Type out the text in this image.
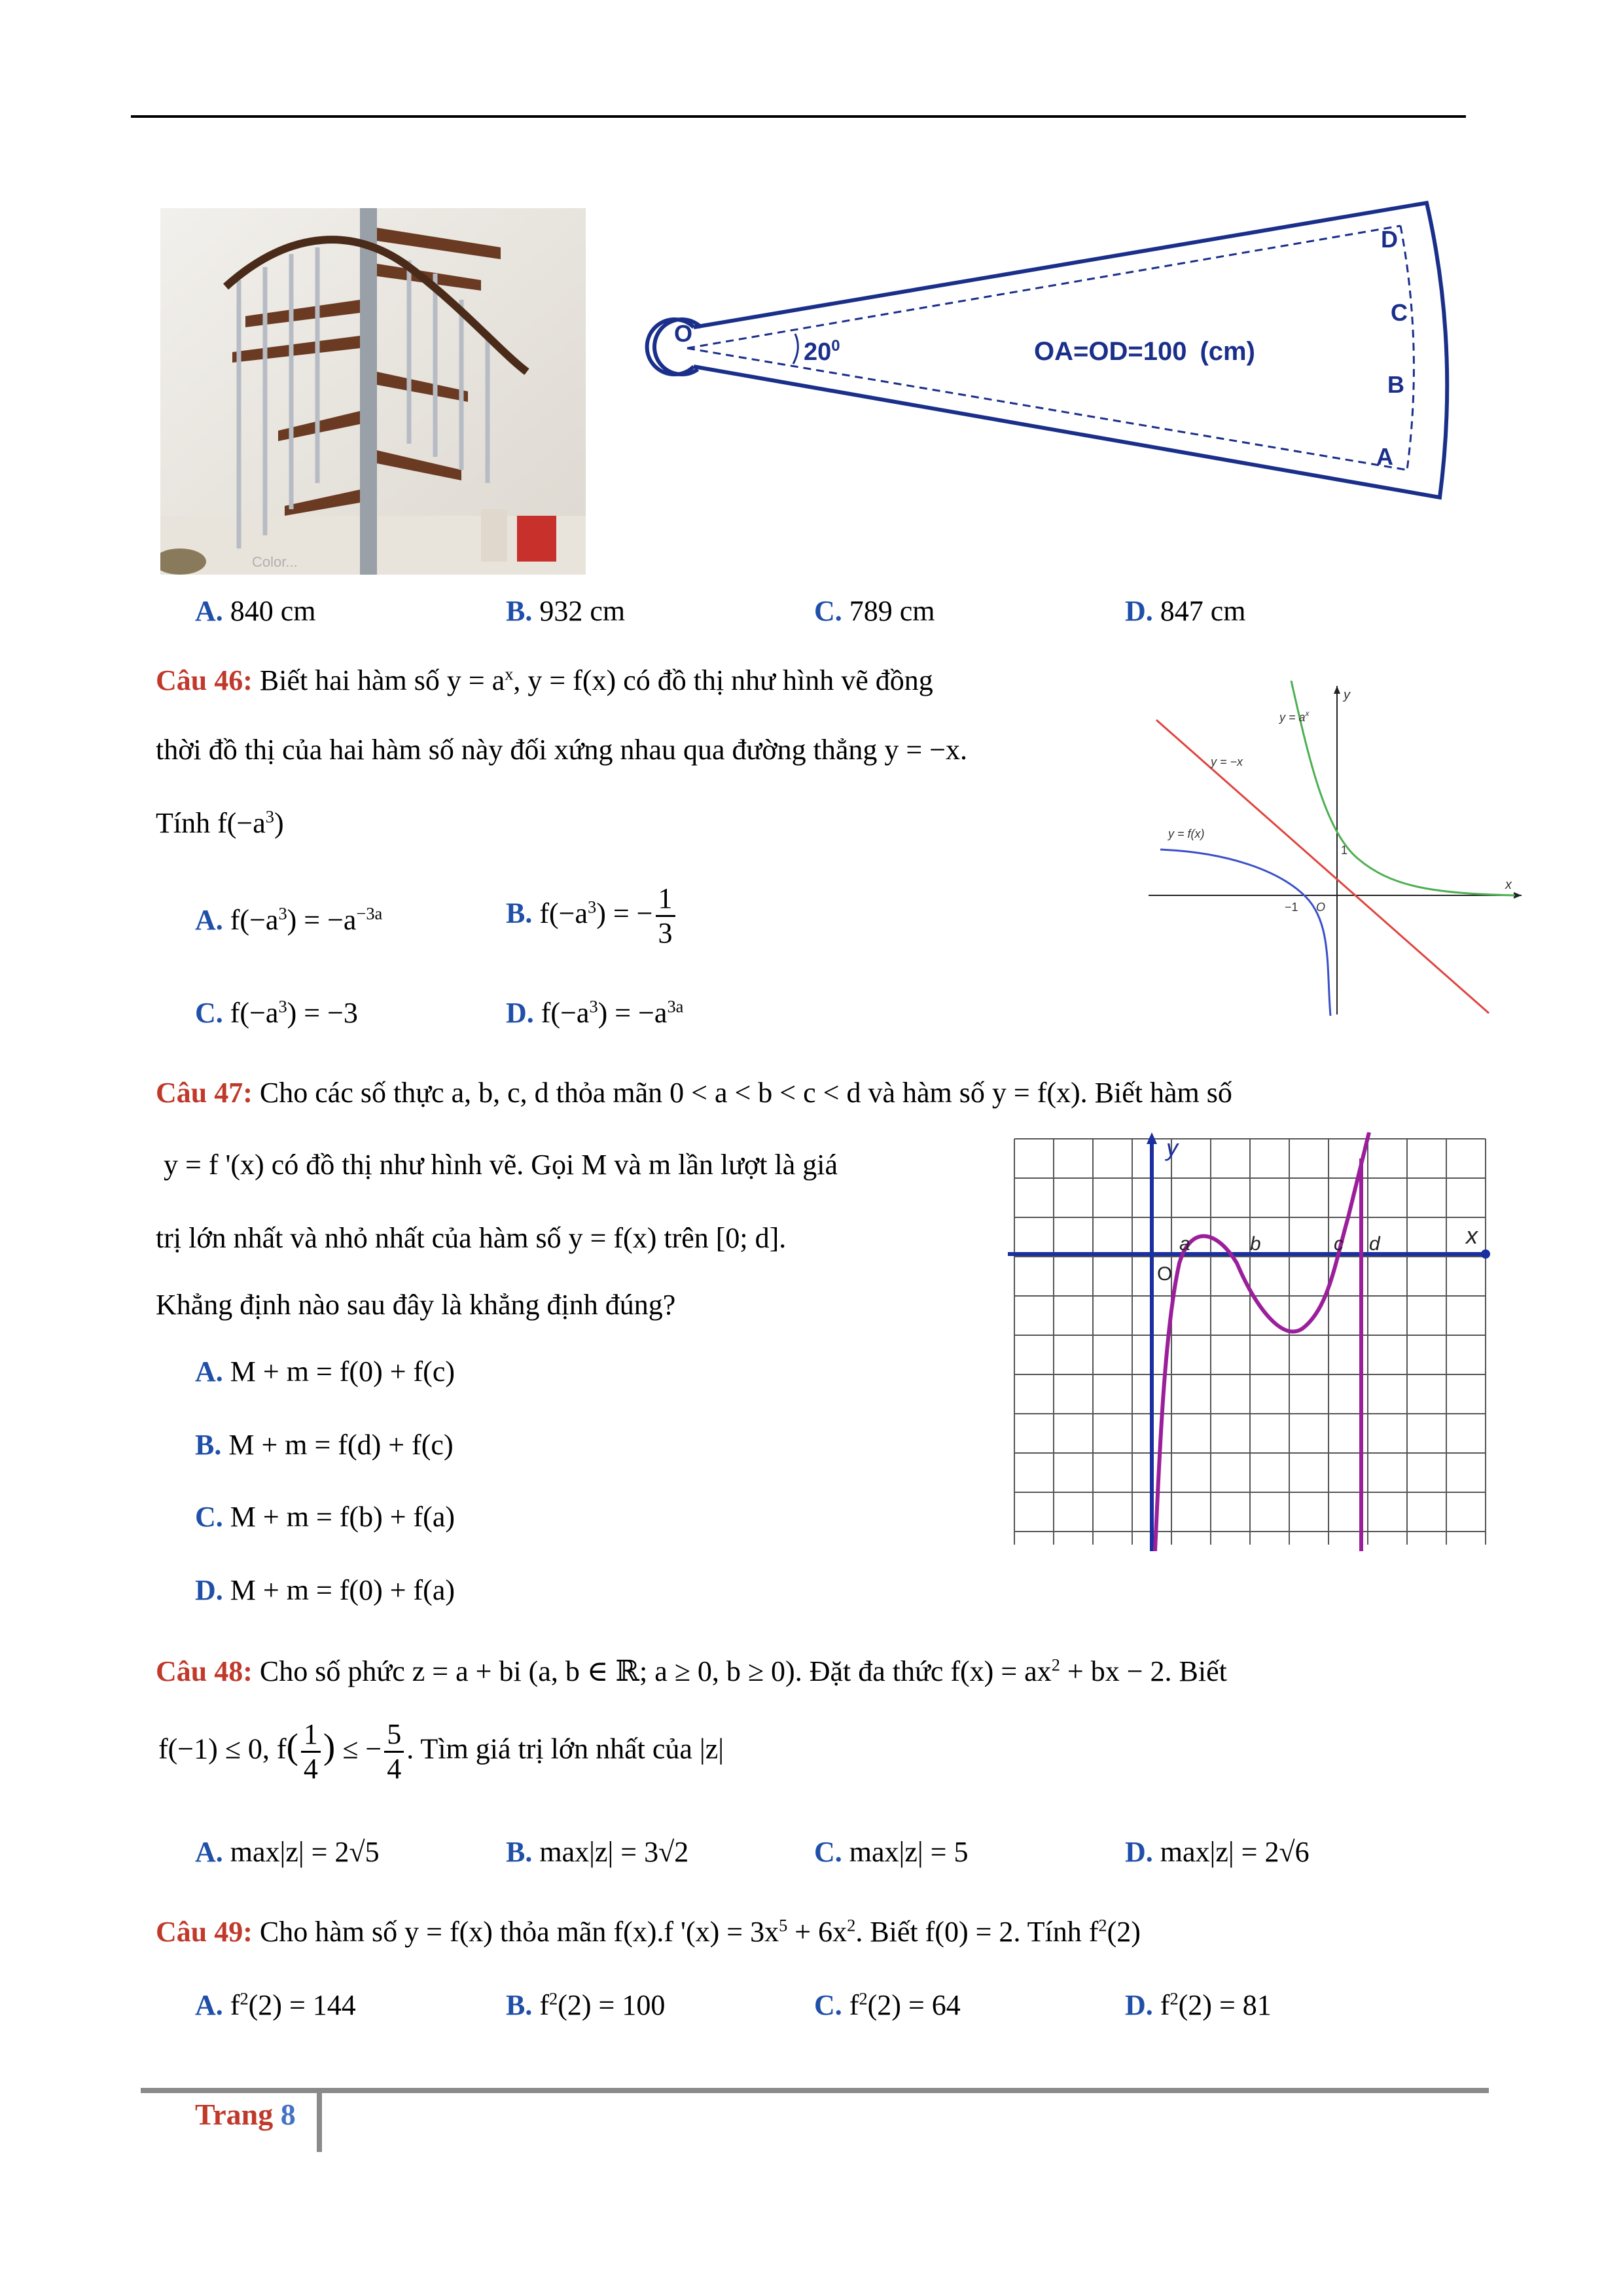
Color...
O
$20^0$	OA=OD=100 (cm)
D
C
B
A
A. 840 cm	B. 932 cm	C. 789 cm	D. 847 cm
Câu 46: Biết hai hàm số $y = a^x$, y = f(x) có đồ thị như hình vẽ đồng
thời đồ thị của hai hàm số này đối xứng nhau qua đường thẳng y = −x.
Tính $f(-a^3)$
A. $f(-a^3) = -a^{-3a}$	B. $f(-a^3)$ = − $\frac{1}{3}$
C. $f(-a^3) = -3$	D. $f(-a^3) = -a^{3a}$
y
x
$y = a^x$
y = −x
y = f(x)
1
−1 O
Câu 47: Cho các số thực a, b, c, d thỏa mãn 0 < a < b < c < d và hàm số y = f(x). Biết hàm số
y = f '(x) có đồ thị như hình vẽ. Gọi M và m lần lượt là giá
trị lớn nhất và nhỏ nhất của hàm số y = f(x) trên [0; d].
Khẳng định nào sau đây là khẳng định đúng?
A. M + m = f(0) + f(c)
B. M + m = f(d) + f(c)
C. M + m = f(b) + f(a)
D. M + m = f(0) + f(a)
y
x
O
a	b	c d
Câu 48: Cho số phức z = a + bi (a, b ∈ ℝ; a ≥ 0, b ≥ 0). Đặt đa thức $f(x) = ax^2$ + bx − 2. Biết
f(−1) ≤ 0, $f( \frac{1}{4}$ ) ≤ − $\frac{5}{4}$ . Tìm giá trị lớn nhất của |z|
A. max|z| = 2√5	B. max|z| = 3√2	C. max|z| = 5	D. max|z| = 2√6
Câu 49: Cho hàm số y = f(x) thỏa mãn f(x).f '$(x) = 3x^5 + 6x^2$. Biết f(0) = 2. Tính $f^2(2)$
A. $f^2(2) = 144$	B. $f^2(2) = 100$	C. $f^2(2) = 64$	D. $f^2(2) = 81$
Trang 8
